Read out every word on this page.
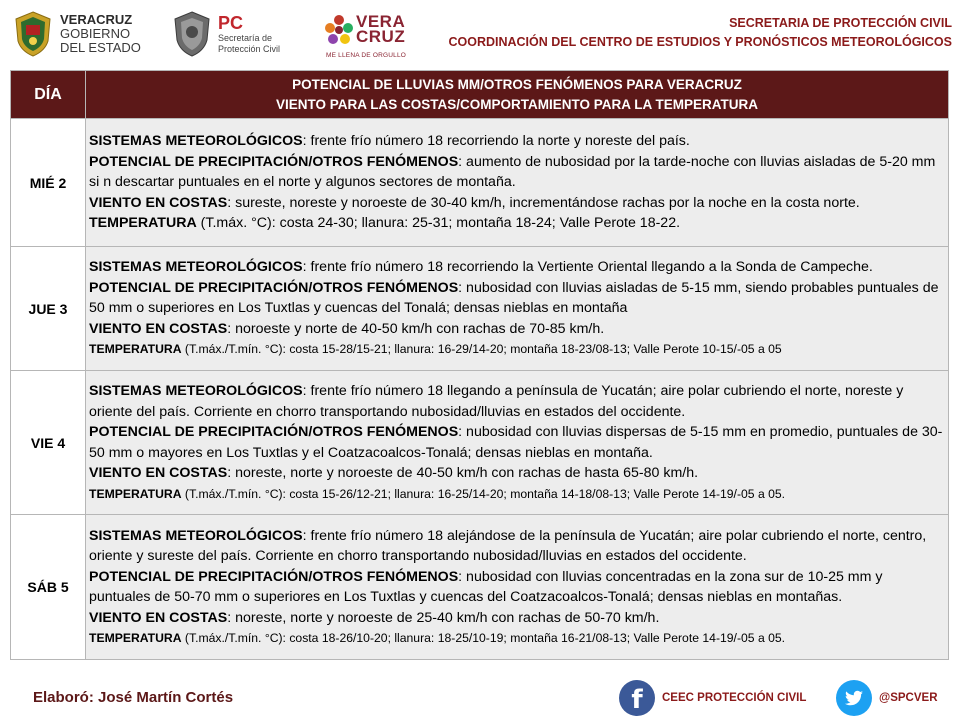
VERACRUZ
GOBIERNO
DEL ESTADO
PC
Secretaría de
Protección Civil
VERA
CRUZ
ME LLENA DE ORGULLO
SECRETARIA DE PROTECCIÓN CIVIL
COORDINACIÓN DEL CENTRO DE ESTUDIOS Y PRONÓSTICOS METEOROLÓGICOS
DÍA	POTENCIAL DE LLUVIAS MM/OTROS FENÓMENOS PARA VERACRUZ
VIENTO PARA LAS COSTAS/COMPORTAMIENTO PARA LA TEMPERATURA

MIÉ 2	SISTEMAS METEOROLÓGICOS: frente frío número 18 recorriendo la norte y noreste del país.
POTENCIAL DE PRECIPITACIÓN/OTROS FENÓMENOS: aumento de nubosidad por la tarde-noche con lluvias aisladas de 5-20 mm si n descartar puntuales en el norte y algunos sectores de montaña.
VIENTO EN COSTAS: sureste, noreste y noroeste de 30-40 km/h, incrementándose rachas por la noche en la costa norte.
TEMPERATURA (T.máx. °C): costa 24-30; llanura: 25-31; montaña 18-24; Valle Perote 18-22.

JUE 3	SISTEMAS METEOROLÓGICOS: frente frío número 18 recorriendo la Vertiente Oriental llegando a la Sonda de Campeche.
POTENCIAL DE PRECIPITACIÓN/OTROS FENÓMENOS: nubosidad con lluvias aisladas de 5-15 mm, siendo probables puntuales de 50 mm o superiores en Los Tuxtlas y cuencas del Tonalá; densas nieblas en montaña
VIENTO EN COSTAS: noroeste y norte de 40-50 km/h con rachas de 70-85 km/h.
TEMPERATURA (T.máx./T.mín. °C): costa 15-28/15-21; llanura: 16-29/14-20; montaña 18-23/08-13; Valle Perote 10-15/-05 a 05

VIE 4	SISTEMAS METEOROLÓGICOS: frente frío número 18 llegando a península de Yucatán; aire polar cubriendo el norte, noreste y oriente del país. Corriente en chorro transportando nubosidad/lluvias en estados del occidente.
POTENCIAL DE PRECIPITACIÓN/OTROS FENÓMENOS: nubosidad con lluvias dispersas de 5-15 mm en promedio, puntuales de 30-50 mm o mayores en Los Tuxtlas y el Coatzacoalcos-Tonalá; densas nieblas en montaña.
VIENTO EN COSTAS: noreste, norte y noroeste de 40-50 km/h con rachas de hasta 65-80 km/h.
TEMPERATURA (T.máx./T.mín. °C): costa 15-26/12-21; llanura: 16-25/14-20; montaña 14-18/08-13; Valle Perote 14-19/-05 a 05.

SÁB 5	SISTEMAS METEOROLÓGICOS: frente frío número 18 alejándose de la península de Yucatán; aire polar cubriendo el norte, centro, oriente y sureste del país. Corriente en chorro transportando nubosidad/lluvias en estados del occidente.
POTENCIAL DE PRECIPITACIÓN/OTROS FENÓMENOS: nubosidad con lluvias concentradas en la zona sur de 10-25 mm y puntuales de 50-70 mm o superiores en Los Tuxtlas y cuencas del Coatzacoalcos-Tonalá; densas nieblas en montañas.
VIENTO EN COSTAS: noreste, norte y noroeste de 25-40 km/h con rachas de 50-70 km/h.
TEMPERATURA (T.máx./T.mín. °C): costa 18-26/10-20; llanura: 18-25/10-19; montaña 16-21/08-13; Valle Perote 14-19/-05 a 05.
Elaboró: José Martín Cortés	f	CEEC PROTECCIÓN CIVIL	@SPCVER
